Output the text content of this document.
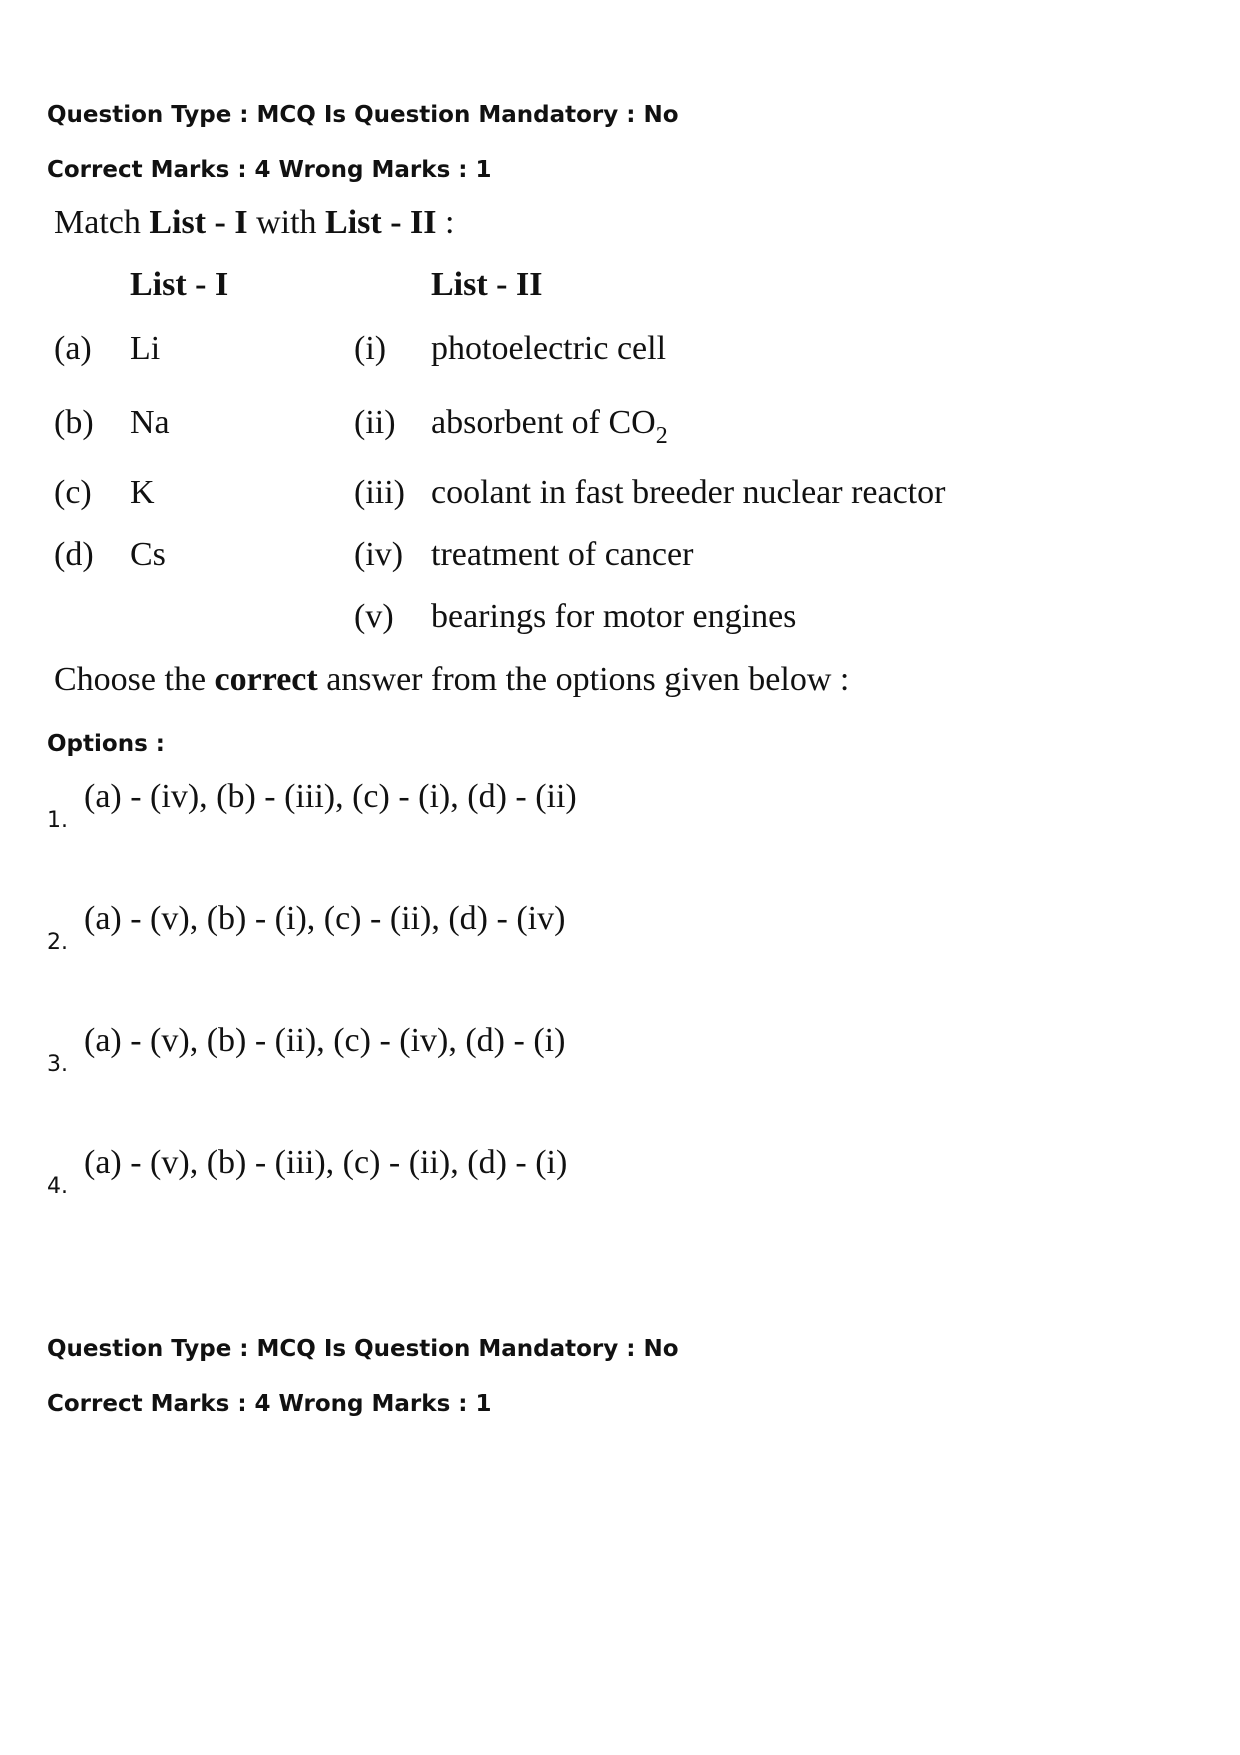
Question Type : MCQ Is Question Mandatory : No
Correct Marks : 4 Wrong Marks : 1
Match List - I with List - II :
List - I	List - II
(a) Li
(b) Na
(c) K
(d) Cs
(i) photoelectric cell
(ii) absorbent of $CO_2$
(iii) coolant in fast breeder nuclear reactor
(iv) treatment of cancer
(v) bearings for motor engines
Choose the correct answer from the options given below :
Options :
1.
(a) - (iv), (b) - (iii), (c) - (i), (d) - (ii)
2.
(a) - (v), (b) - (i), (c) - (ii), (d) - (iv)
3.
(a) - (v), (b) - (ii), (c) - (iv), (d) - (i)
4.
(a) - (v), (b) - (iii), (c) - (ii), (d) - (i)
Question Type : MCQ Is Question Mandatory : No
Correct Marks : 4 Wrong Marks : 1
